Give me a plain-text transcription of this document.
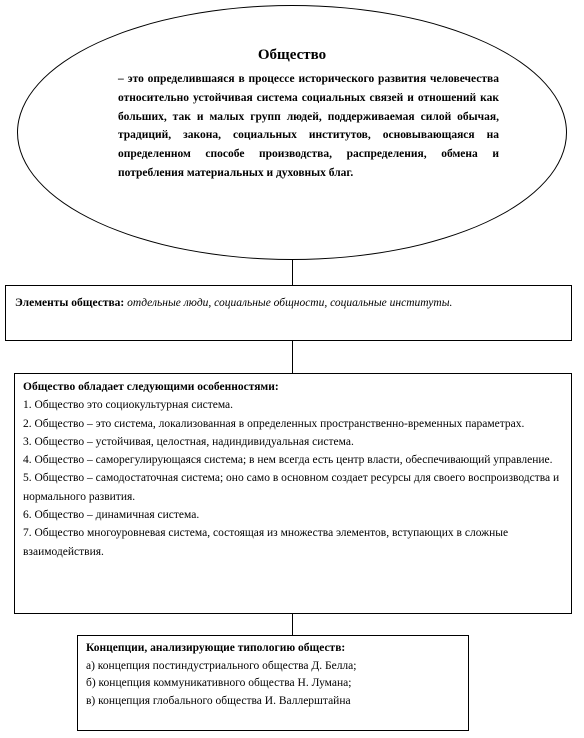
Общество
– это определившаяся в процессе исторического развития человечества относительно устойчивая система социальных связей и отношений как больших, так и малых групп людей, поддерживаемая силой обычая, традиций, закона, социальных институтов, основывающаяся на определенном способе производства, распределения, обмена и потребления материальных и духовных благ.
Элементы общества: отдельные люди, социальные общности, социальные институты.
Общество обладает следующими особенностями:
1. Общество это социокультурная система.
2. Общество – это система, локализованная в определенных пространственно-временных параметрах.
3. Общество – устойчивая, целостная, надиндивидуальная система.
4. Общество – саморегулирующаяся система; в нем всегда есть центр власти, обеспечивающий управление.
5. Общество – самодостаточная система; оно само в основном создает ресурсы для своего воспроизводства и нормального развития.
6. Общество – динамичная система.
7. Общество многоуровневая система, состоящая из множества элементов, вступающих в сложные взаимодействия.
Концепции, анализирующие типологию обществ:
а) концепция постиндустриального общества Д. Белла;
б) концепция коммуникативного общества Н. Лумана;
в) концепция глобального общества И. Валлерштайна
